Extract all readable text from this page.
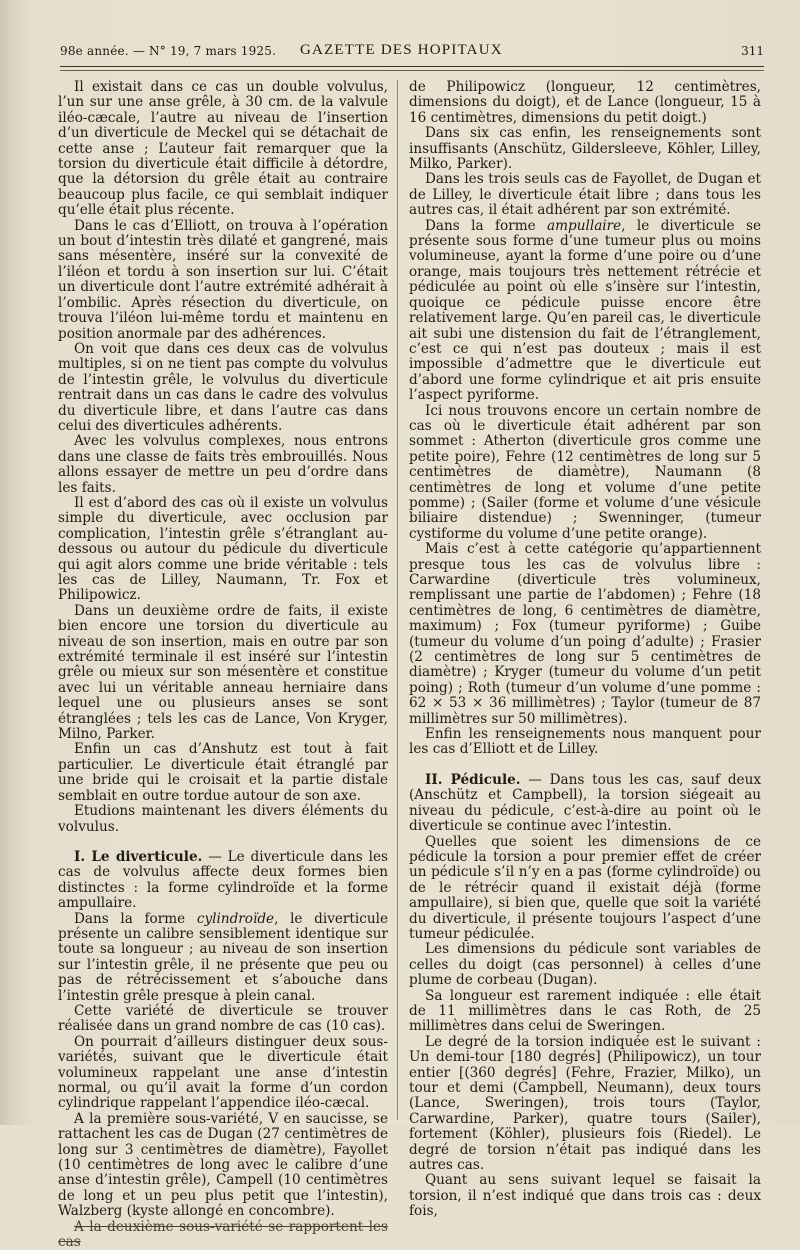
98e année. — N° 19, 7 mars 1925. GAZETTE DES HOPITAUX	311

Il existait dans ce cas un double volvulus, l’un sur une anse grêle, à 30 cm. de la valvule iléo-cæcale, l’autre au niveau de l’insertion d’un diverticule de Meckel qui se détachait de cette anse ; L’auteur fait remarquer que la torsion du diverticule était difficile à détordre, que la détorsion du grêle était au contraire beaucoup plus facile, ce qui semblait indiquer qu’elle était plus récente.

Dans le cas d’Elliott, on trouva à l’opération un bout d’intestin très dilaté et gangrené, mais sans mésentère, inséré sur la convexité de l’iléon et tordu à son insertion sur lui. C’était un diverticule dont l’autre extrémité adhérait à l’ombilic. Après résection du diverticule, on trouva l’iléon lui-même tordu et maintenu en position anormale par des adhérences.

On voit que dans ces deux cas de volvulus multiples, si on ne tient pas compte du volvulus de l’intestin grêle, le volvulus du diverticule rentrait dans un cas dans le cadre des volvulus du diverticule libre, et dans l’autre cas dans celui des diverticules adhérents.

Avec les volvulus complexes, nous entrons dans une classe de faits très embrouillés. Nous allons essayer de mettre un peu d’ordre dans les faits.

Il est d’abord des cas où il existe un volvulus simple du diverticule, avec occlusion par complication, l’intestin grêle s’étranglant au-dessous ou autour du pédicule du diverticule qui agit alors comme une bride véritable : tels les cas de Lilley, Naumann, Tr. Fox et Philipowicz.

Dans un deuxième ordre de faits, il existe bien encore une torsion du diverticule au niveau de son insertion, mais en outre par son extrémité terminale il est inséré sur l’intestin grêle ou mieux sur son mésentère et constitue avec lui un véritable anneau herniaire dans lequel une ou plusieurs anses se sont étranglées ; tels les cas de Lance, Von Kryger, Milno, Parker.

Enfin un cas d’Anshutz est tout à fait particulier. Le diverticule était étranglé par une bride qui le croisait et la partie distale semblait en outre tordue autour de son axe.

Etudions maintenant les divers éléments du volvulus.

I. Le diverticule. — Le diverticule dans les cas de volvulus affecte deux formes bien distinctes : la forme cylindroïde et la forme ampullaire.

Dans la forme cylindroïde, le diverticule présente un calibre sensiblement identique sur toute sa longueur ; au niveau de son insertion sur l’intestin grêle, il ne présente que peu ou pas de rétrécissement et s’abouche dans l’intestin grêle presque à plein canal.

Cette variété de diverticule se trouver réalisée dans un grand nombre de cas (10 cas).

On pourrait d’ailleurs distinguer deux sous-variétés, suivant que le diverticule était volumineux rappelant une anse d’intestin normal, ou qu’il avait la forme d’un cordon cylindrique rappelant l’appendice iléo-cæcal.

A la première sous-variété, V en saucisse, se rattachent les cas de Dugan (27 centimètres de long sur 3 centimètres de diamètre), Fayollet (10 centimètres de long avec le calibre d’une anse d’intestin grêle), Campell (10 centimètres de long et un peu plus petit que l’intestin), Walzberg (kyste allongé en concombre).

A la deuxième sous-variété se rapportent les cas

de Philipowicz (longueur, 12 centimètres, dimensions du doigt), et de Lance (longueur, 15 à 16 centimètres, dimensions du petit doigt.)

Dans six cas enfin, les renseignements sont insuffisants (Anschütz, Gildersleeve, Köhler, Lilley, Milko, Parker).

Dans les trois seuls cas de Fayollet, de Dugan et de Lilley, le diverticule était libre ; dans tous les autres cas, il était adhérent par son extrémité.

Dans la forme ampullaire, le diverticule se présente sous forme d’une tumeur plus ou moins volumineuse, ayant la forme d’une poire ou d’une orange, mais toujours très nettement rétrécie et pédiculée au point où elle s’insère sur l’intestin, quoique ce pédicule puisse encore être relativement large. Qu’en pareil cas, le diverticule ait subi une distension du fait de l’étranglement, c’est ce qui n’est pas douteux ; mais il est impossible d’admettre que le diverticule eut d’abord une forme cylindrique et ait pris ensuite l’aspect pyriforme.

Ici nous trouvons encore un certain nombre de cas où le diverticule était adhérent par son sommet : Atherton (diverticule gros comme une petite poire), Fehre (12 centimètres de long sur 5 centimètres de diamètre), Naumann (8 centimètres de long et volume d’une petite pomme) ; (Sailer (forme et volume d’une vésicule biliaire distendue) ; Swenninger, (tumeur cystiforme du volume d’une petite orange).

Mais c’est à cette catégorie qu’appartiennent presque tous les cas de volvulus libre : Carwardine (diverticule très volumineux, remplissant une partie de l’abdomen) ; Fehre (18 centimètres de long, 6 centimètres de diamètre, maximum) ; Fox (tumeur pyriforme) ; Guibe (tumeur du volume d’un poing d’adulte) ; Frasier (2 centimètres de long sur 5 centimètres de diamètre) ; Kryger (tumeur du volume d’un petit poing) ; Roth (tumeur d’un volume d’une pomme : 62 × 53 × 36 millimètres) ; Taylor (tumeur de 87 millimètres sur 50 millimètres).

Enfin les renseignements nous manquent pour les cas d’Elliott et de Lilley.

II. Pédicule. — Dans tous les cas, sauf deux (Anschütz et Campbell), la torsion siégeait au niveau du pédicule, c’est-à-dire au point où le diverticule se continue avec l’intestin.

Quelles que soient les dimensions de ce pédicule la torsion a pour premier effet de créer un pédicule s’il n’y en a pas (forme cylindroïde) ou de le rétrécir quand il existait déjà (forme ampullaire), si bien que, quelle que soit la variété du diverticule, il présente toujours l’aspect d’une tumeur pédiculée.

Les dimensions du pédicule sont variables de celles du doigt (cas personnel) à celles d’une plume de corbeau (Dugan).

Sa longueur est rarement indiquée : elle était de 11 millimètres dans le cas Roth, de 25 millimètres dans celui de Sweringen.

Le degré de la torsion indiquée est le suivant : Un demi-tour [180 degrés] (Philipowicz), un tour entier [(360 degrés] (Fehre, Frazier, Milko), un tour et demi (Campbell, Neumann), deux tours (Lance, Sweringen), trois tours (Taylor, Carwardine, Parker), quatre tours (Sailer), fortement (Köhler), plusieurs fois (Riedel). Le degré de torsion n’était pas indiqué dans les autres cas.

Quant au sens suivant lequel se faisait la torsion, il n’est indiqué que dans trois cas : deux fois,
